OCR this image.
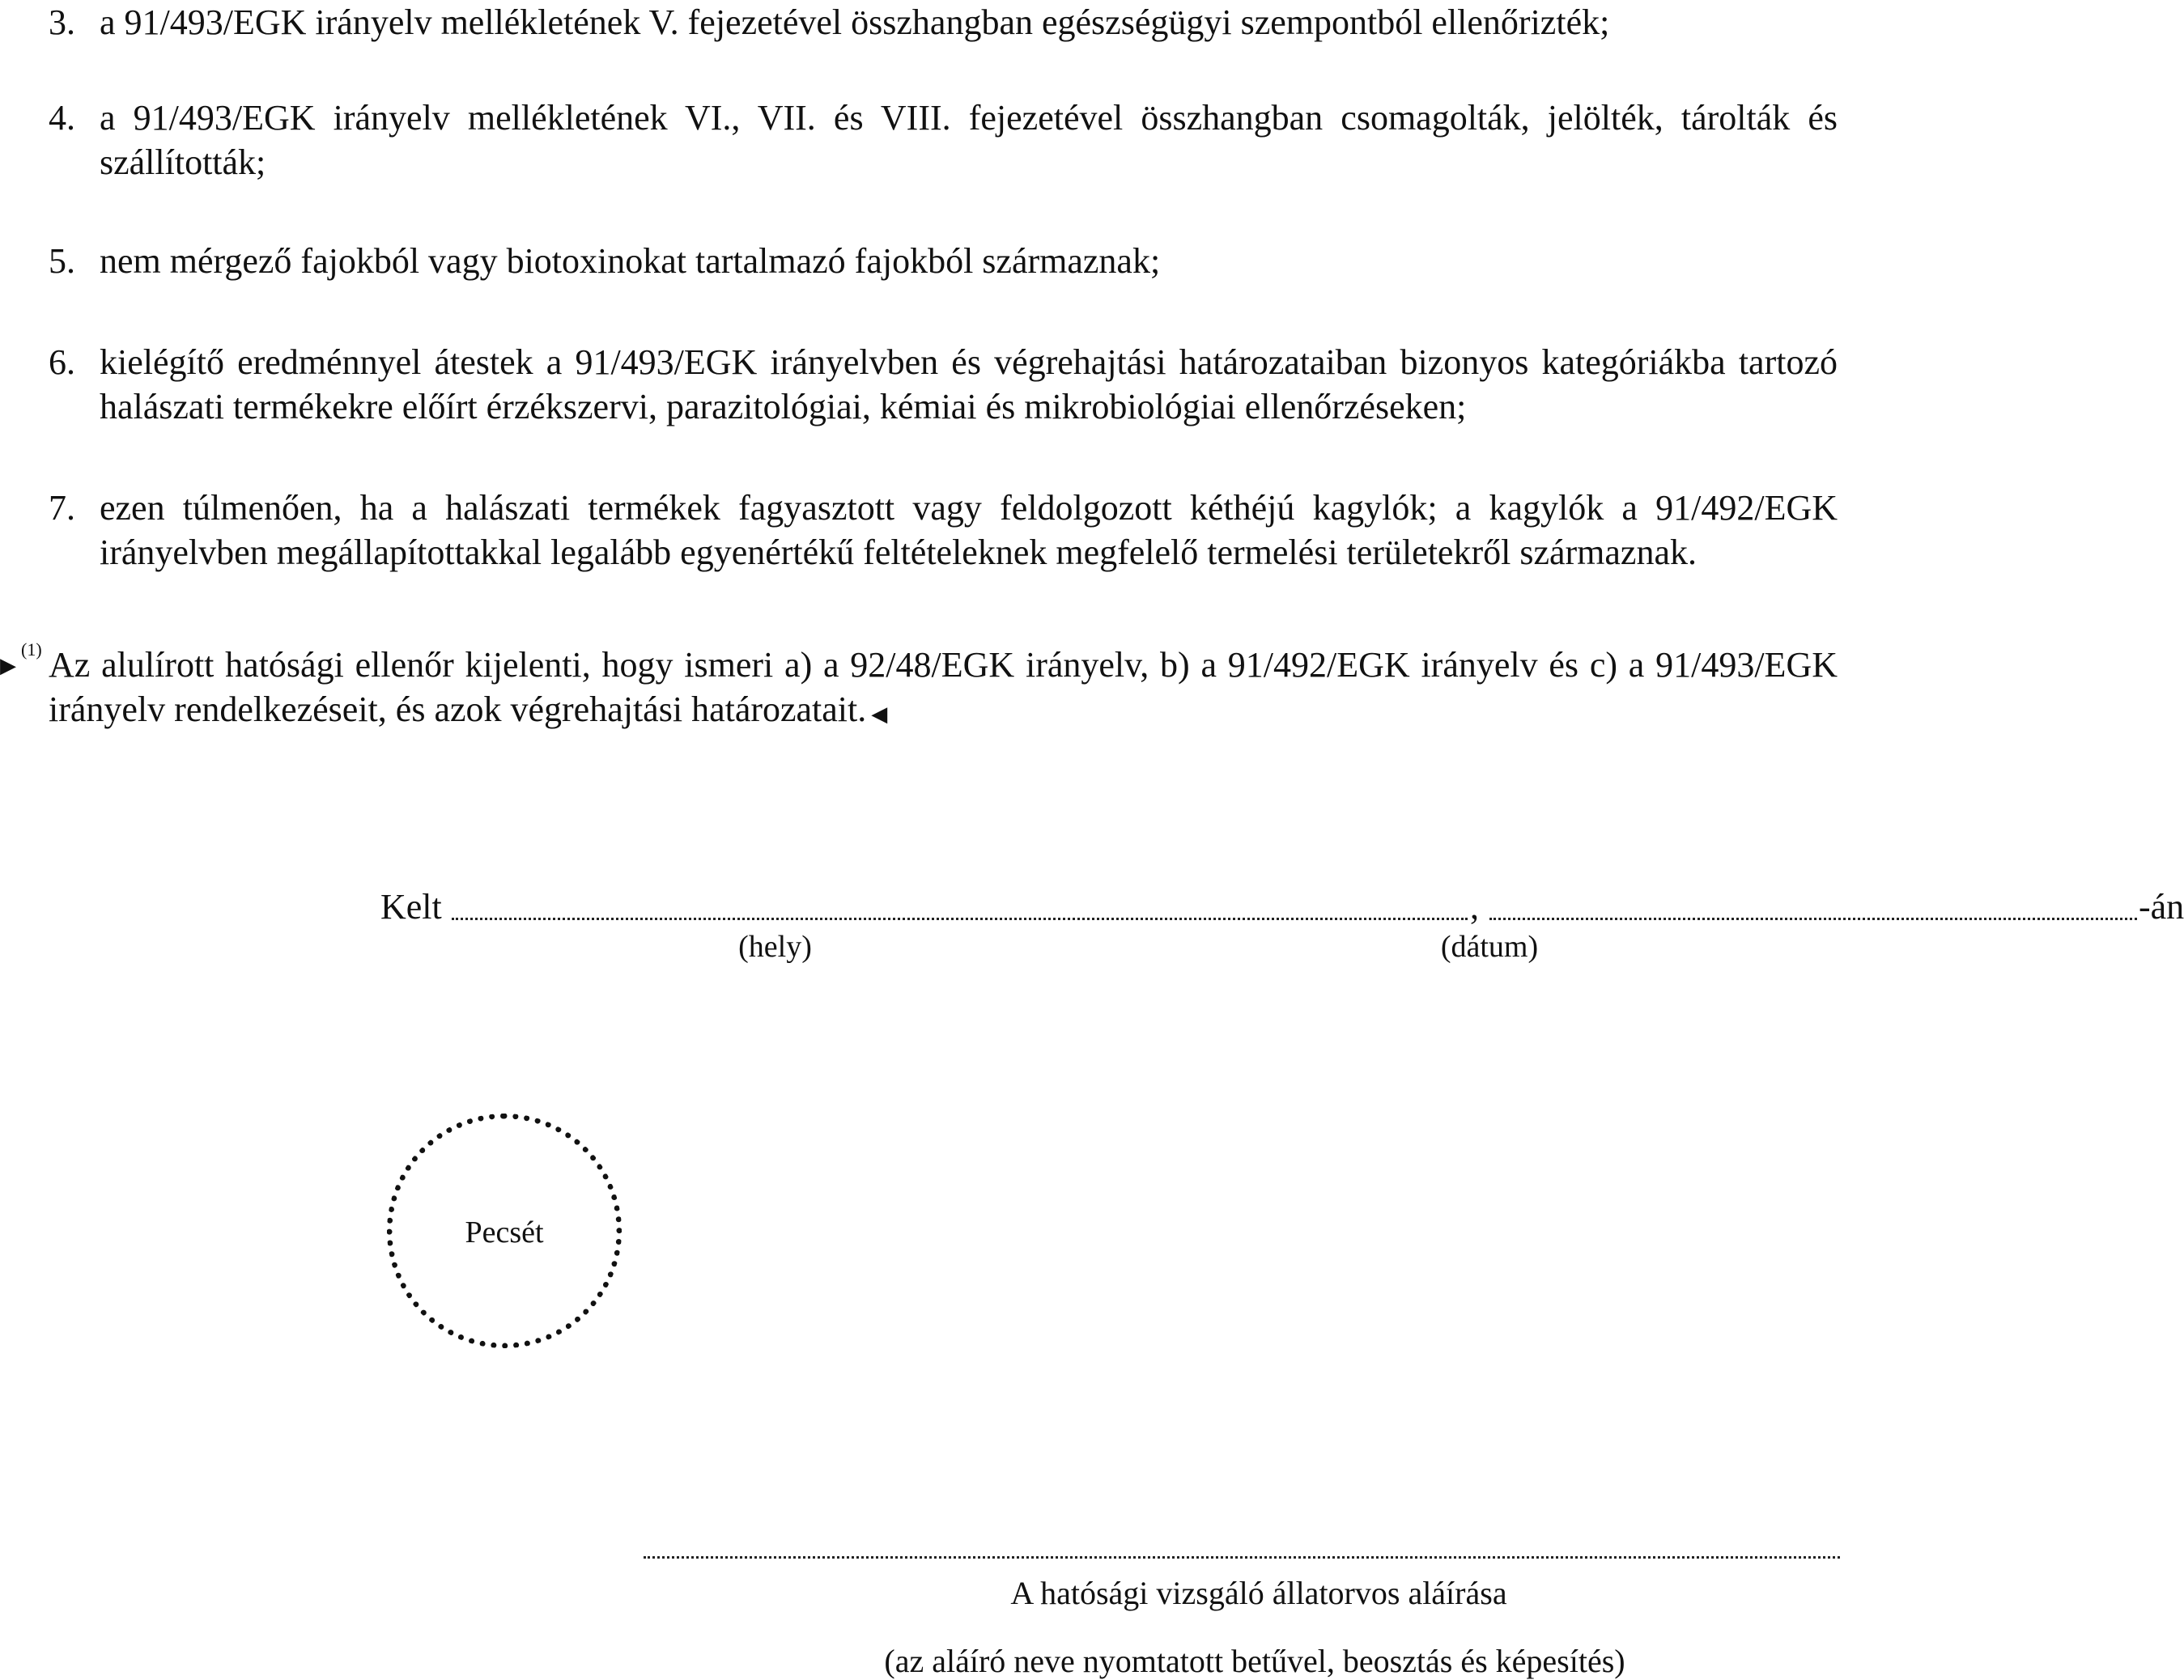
3. a 91/493/EGK irányelv mellékletének V. fejezetével összhangban egészségügyi szempontból ellenőrizték;
4. a 91/493/EGK irányelv mellékletének VI., VII. és VIII. fejezetével összhangban csomagolták, jelölték, tárolták és szállították;
5. nem mérgező fajokból vagy biotoxinokat tartalmazó fajokból származnak;
6. kielégítő eredménnyel átestek a 91/493/EGK irányelvben és végrehajtási határozataiban bizonyos kategóriákba tartozó halászati termékekre előírt érzékszervi, parazitológiai, kémiai és mikrobiológiai ellenőrzéseken;
7. ezen túlmenően, ha a halászati termékek fagyasztott vagy feldolgozott kéthéjú kagylók; a kagylók a 91/492/EGK irányelvben megállapítottakkal legalább egyenértékű feltételeknek megfelelő termelési területekről származnak.
▶
(1) Az alulírott hatósági ellenőr kijelenti, hogy ismeri a) a 92/48/EGK irányelv, b) a 91/492/EGK irányelv és c) a 91/493/EGK irányelv rendelkezéseit, és azok végrehajtási határozatait. ◀
Kelt	,	-án
(hely)	(dátum)
Pecsét
A hatósági vizsgáló állatorvos aláírása
(az aláíró neve nyomtatott betűvel, beosztás és képesítés)
